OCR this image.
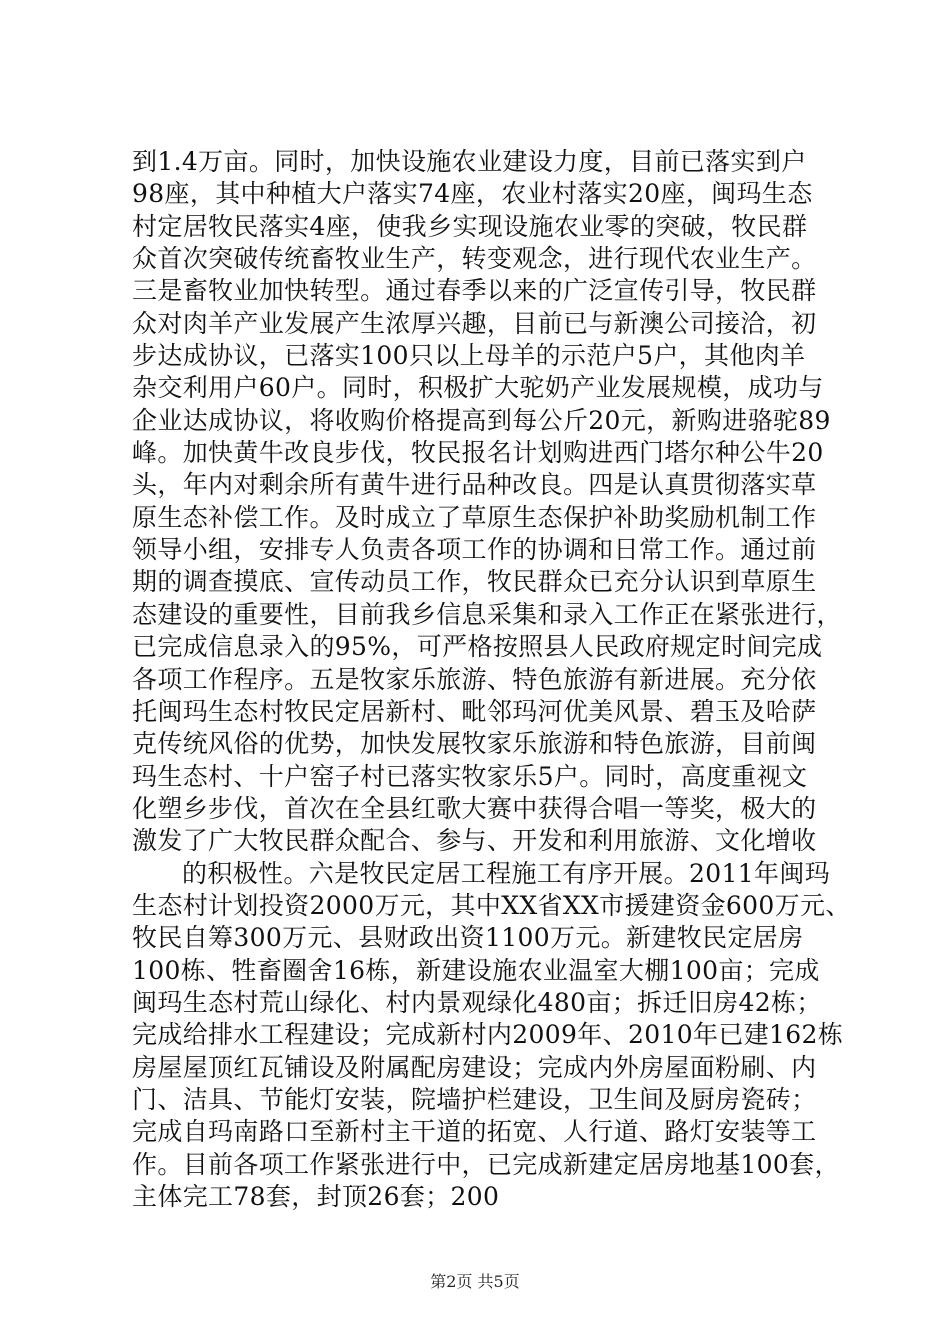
到1.4万亩。同时，加快设施农业建设力度，目前已落实到户
98座，其中种植大户落实74座，农业村落实20座，闽玛生态
村定居牧民落实4座，使我乡实现设施农业零的突破，牧民群
众首次突破传统畜牧业生产，转变观念，进行现代农业生产。
三是畜牧业加快转型。通过春季以来的广泛宣传引导，牧民群
众对肉羊产业发展产生浓厚兴趣，目前已与新澳公司接洽，初
步达成协议，已落实100只以上母羊的示范户5户，其他肉羊
杂交利用户60户。同时，积极扩大驼奶产业发展规模，成功与
企业达成协议，将收购价格提高到每公斤20元，新购进骆驼89
峰。加快黄牛改良步伐，牧民报名计划购进西门塔尔种公牛20
头，年内对剩余所有黄牛进行品种改良。四是认真贯彻落实草
原生态补偿工作。及时成立了草原生态保护补助奖励机制工作
领导小组，安排专人负责各项工作的协调和日常工作。通过前
期的调查摸底、宣传动员工作，牧民群众已充分认识到草原生
态建设的重要性，目前我乡信息采集和录入工作正在紧张进行，
已完成信息录入的95%，可严格按照县人民政府规定时间完成
各项工作程序。五是牧家乐旅游、特色旅游有新进展。充分依
托闽玛生态村牧民定居新村、毗邻玛河优美风景、碧玉及哈萨
克传统风俗的优势，加快发展牧家乐旅游和特色旅游，目前闽
玛生态村、十户窑子村已落实牧家乐5户。同时，高度重视文
化塑乡步伐，首次在全县红歌大赛中获得合唱一等奖，极大的
激发了广大牧民群众配合、参与、开发和利用旅游、文化增收
的积极性。六是牧民定居工程施工有序开展。2011年闽玛
生态村计划投资2000万元，其中XX省XX市援建资金600万元、
牧民自筹300万元、县财政出资1100万元。新建牧民定居房
100栋、牲畜圈舍16栋，新建设施农业温室大棚100亩；完成
闽玛生态村荒山绿化、村内景观绿化480亩；拆迁旧房42栋；
完成给排水工程建设；完成新村内2009年、2010年已建162栋
房屋屋顶红瓦铺设及附属配房建设；完成内外房屋面粉刷、内
门、洁具、节能灯安装，院墙护栏建设，卫生间及厨房瓷砖；
完成自玛南路口至新村主干道的拓宽、人行道、路灯安装等工
作。目前各项工作紧张进行中，已完成新建定居房地基100套，
主体完工78套，封顶26套；200
第2页 共5页
